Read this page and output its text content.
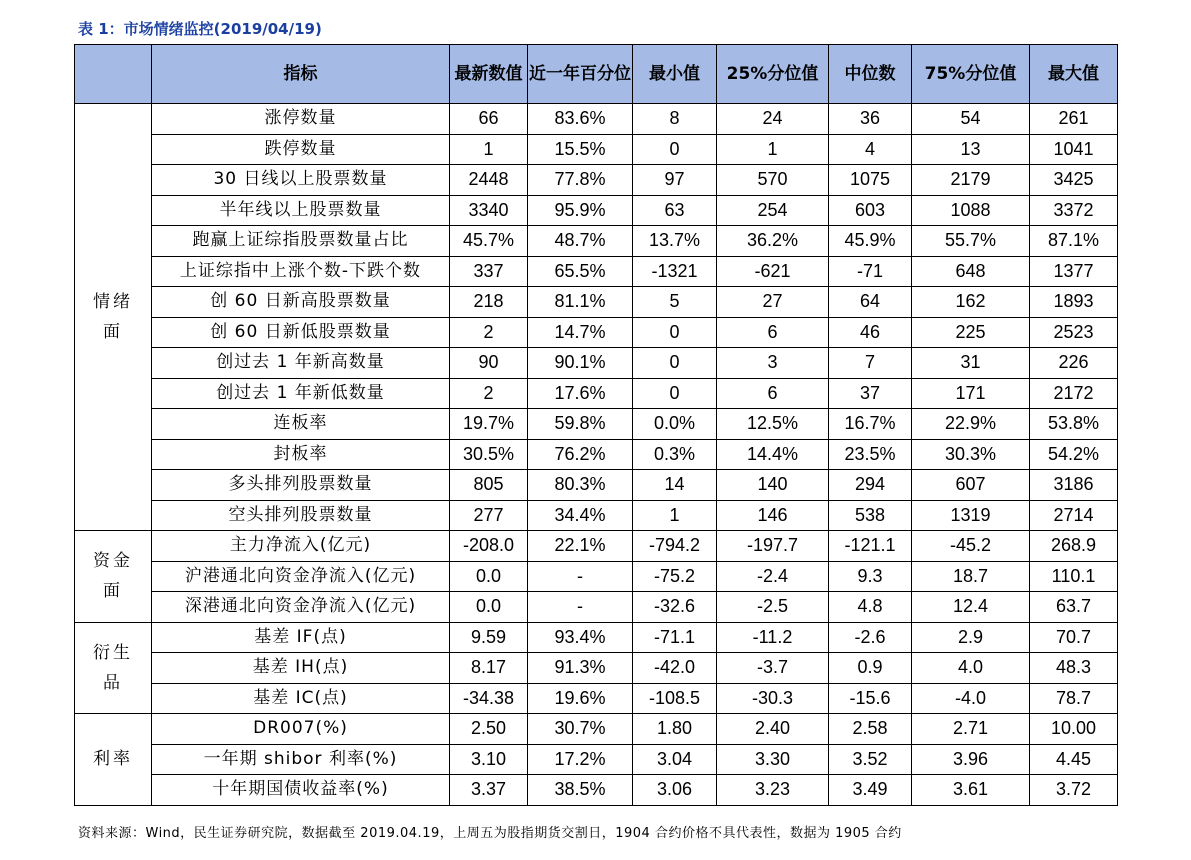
表 1：市场情绪监控(2019/04/19)
	指标	最新数值	近一年百分位	最小值	25%分位值	中位数	75%分位值	最大值
情绪面	涨停数量	66	83.6%	8	24	36	54	261
	跌停数量	1	15.5%	0	1	4	13	1041
	30 日线以上股票数量	2448	77.8%	97	570	1075	2179	3425
	半年线以上股票数量	3340	95.9%	63	254	603	1088	3372
	跑赢上证综指股票数量占比	45.7%	48.7%	13.7%	36.2%	45.9%	55.7%	87.1%
	上证综指中上涨个数-下跌个数	337	65.5%	-1321	-621	-71	648	1377
	创 60 日新高股票数量	218	81.1%	5	27	64	162	1893
	创 60 日新低股票数量	2	14.7%	0	6	46	225	2523
	创过去 1 年新高数量	90	90.1%	0	3	7	31	226
	创过去 1 年新低数量	2	17.6%	0	6	37	171	2172
	连板率	19.7%	59.8%	0.0%	12.5%	16.7%	22.9%	53.8%
	封板率	30.5%	76.2%	0.3%	14.4%	23.5%	30.3%	54.2%
	多头排列股票数量	805	80.3%	14	140	294	607	3186
	空头排列股票数量	277	34.4%	1	146	538	1319	2714
资金面	主力净流入(亿元)	-208.0	22.1%	-794.2	-197.7	-121.1	-45.2	268.9
	沪港通北向资金净流入(亿元)	0.0	-	-75.2	-2.4	9.3	18.7	110.1
	深港通北向资金净流入(亿元)	0.0	-	-32.6	-2.5	4.8	12.4	63.7
衍生品	基差 IF(点)	9.59	93.4%	-71.1	-11.2	-2.6	2.9	70.7
	基差 IH(点)	8.17	91.3%	-42.0	-3.7	0.9	4.0	48.3
	基差 IC(点)	-34.38	19.6%	-108.5	-30.3	-15.6	-4.0	78.7
利率	DR007(%)	2.50	30.7%	1.80	2.40	2.58	2.71	10.00
	一年期 shibor 利率(%)	3.10	17.2%	3.04	3.30	3.52	3.96	4.45
	十年期国债收益率(%)	3.37	38.5%	3.06	3.23	3.49	3.61	3.72
资料来源：Wind，民生证券研究院，数据截至 2019.04.19，上周五为股指期货交割日，1904 合约价格不具代表性，数据为 1905 合约
